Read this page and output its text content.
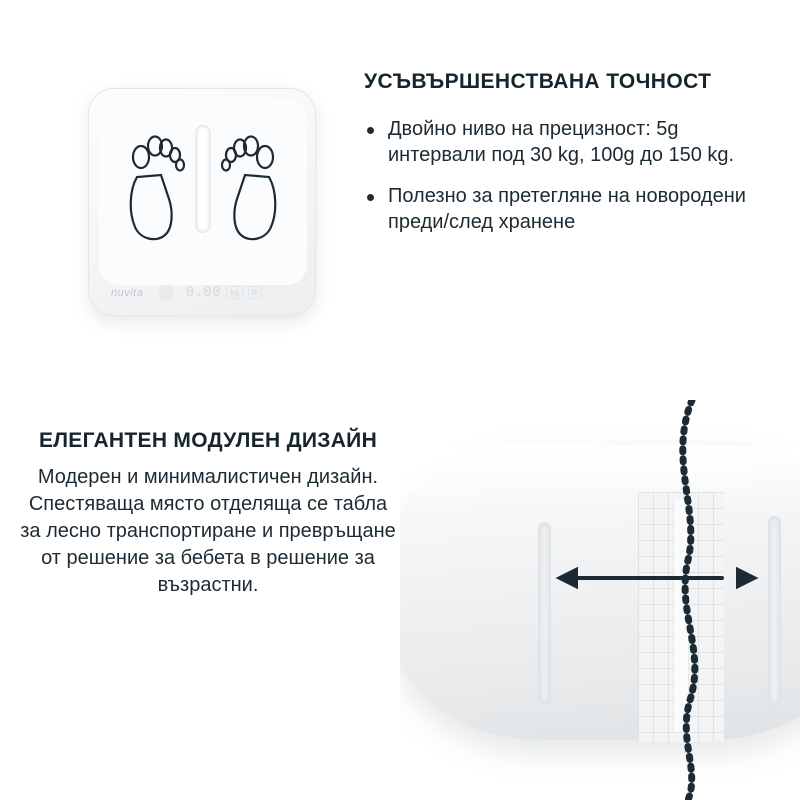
nuvita	0.00	kg	lb
УСЪВЪРШЕНСТВАНА ТОЧНОСТ
Двойно ниво на прецизност: 5g интервали под 30 kg, 100g до 150 kg.
Полезно за претегляне на новородени преди/след хранене
ЕЛЕГАНТЕН МОДУЛЕН ДИЗАЙН

Модерен и минималистичен дизайн. Спестяваща място отделяща се табла за лесно транспортиране и превръщане от решение за бебета в решение за възрастни.
